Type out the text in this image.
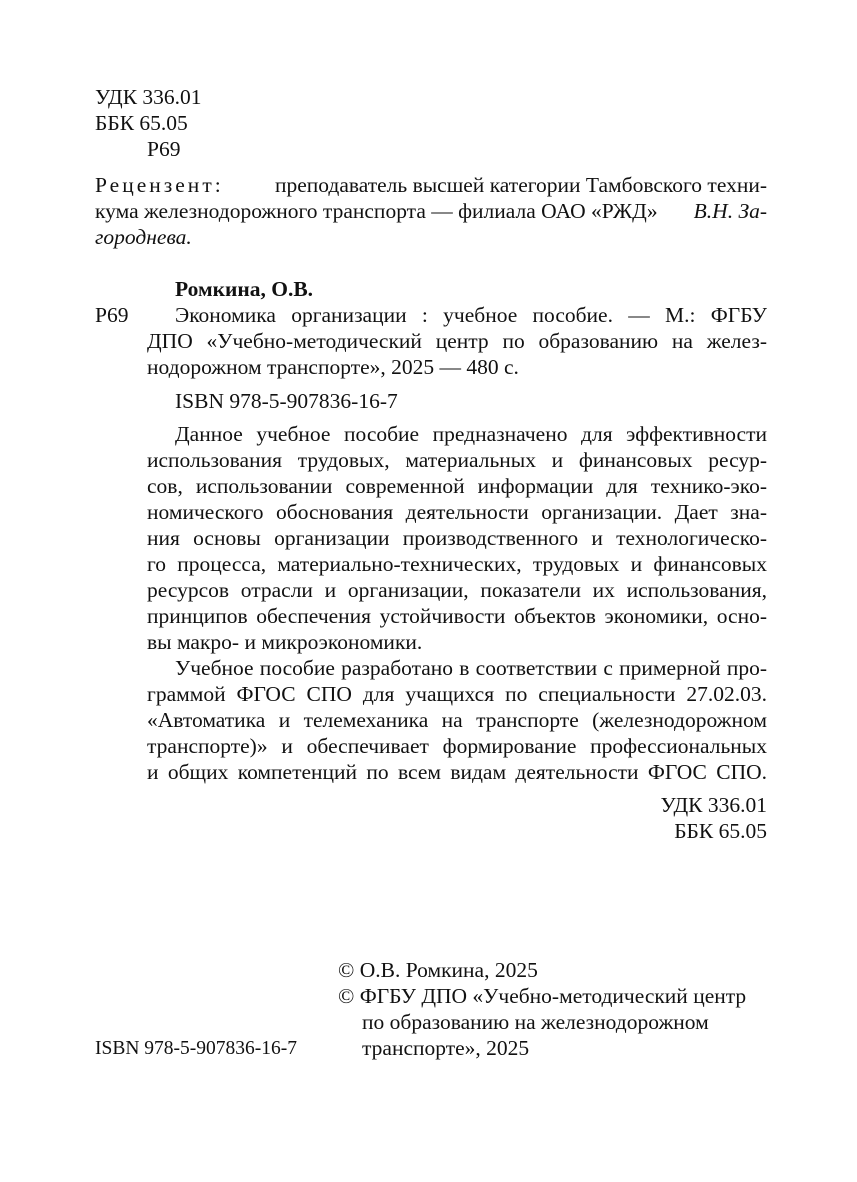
УДК 336.01
ББК 65.05
Р69
Рецензент: преподаватель высшей категории Тамбовского техни-
кума железнодорожного транспорта — филиала ОАО «РЖД» В.Н. За-
городнева.
Ромкина, О.В.
Р69 Экономика организации : учебное пособие. — М.: ФГБУ
ДПО «Учебно-методический центр по образованию на желез-
нодорожном транспорте», 2025 — 480 с.
ISBN 978-5-907836-16-7
Данное учебное пособие предназначено для эффективности
использования трудовых, материальных и финансовых ресур-
сов, использовании современной информации для технико-эко-
номического обоснования деятельности организации. Дает зна-
ния основы организации производственного и технологическо-
го процесса, материально-технических, трудовых и финансовых
ресурсов отрасли и организации, показатели их использования,
принципов обеспечения устойчивости объектов экономики, осно-
вы макро- и микроэкономики.
Учебное пособие разработано в соответствии с примерной про-
граммой ФГОС СПО для учащихся по специальности 27.02.03.
«Автоматика и телемеханика на транспорте (железнодорожном
транспорте)» и обеспечивает формирование профессиональных
и общих компетенций по всем видам деятельности ФГОС СПО.
УДК 336.01
ББК 65.05
© О.В. Ромкина, 2025
© ФГБУ ДПО «Учебно-методический центр
по образованию на железнодорожном
транспорте», 2025
ISBN 978-5-907836-16-7
